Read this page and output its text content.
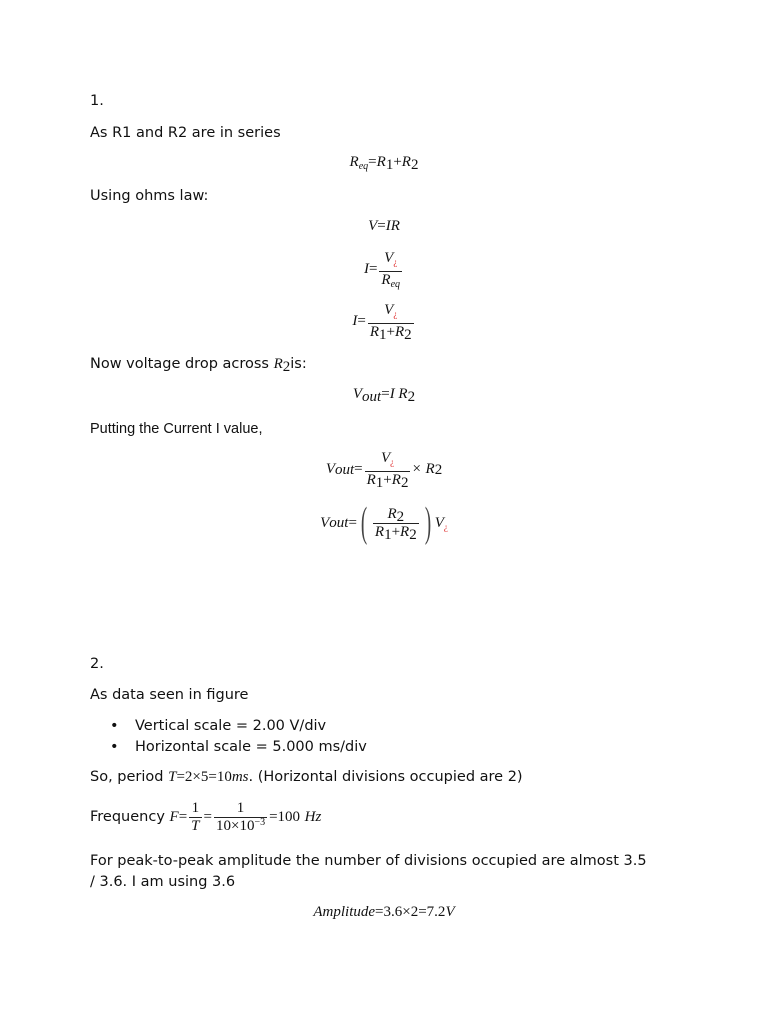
1.
As R1 and R2 are in series
$R_{eq}=R_1+R_2$
Using ohms law:
V=IR
$I = \frac{V_¿}{R_{eq}}$
$I = \frac{V_¿}{R_1+R_2}$
Now voltage drop across $R_2is$:
$V_{out}=I$ $R_2$
Putting the Current I value,
V out = $\frac{V_¿}{R_1+R_2}$ ×
R 2
V out = ( $\frac{R_2}{R_1+R_2}$ ) $V_¿$
2.
As data seen in figure
• Vertical scale = 2.00 V/div
• Horizontal scale = 5.000 ms/div
So, period T=2×5=10ms. (Horizontal divisions occupied are 2)
Frequency
$F = \frac{1}{T} = \frac{1}{10\times 10^{-3}} =100$
Hz
For peak-to-peak amplitude the number of divisions occupied are almost 3.5 / 3.6. I am using 3.6
Amplitude=3.6×2=7.2V
